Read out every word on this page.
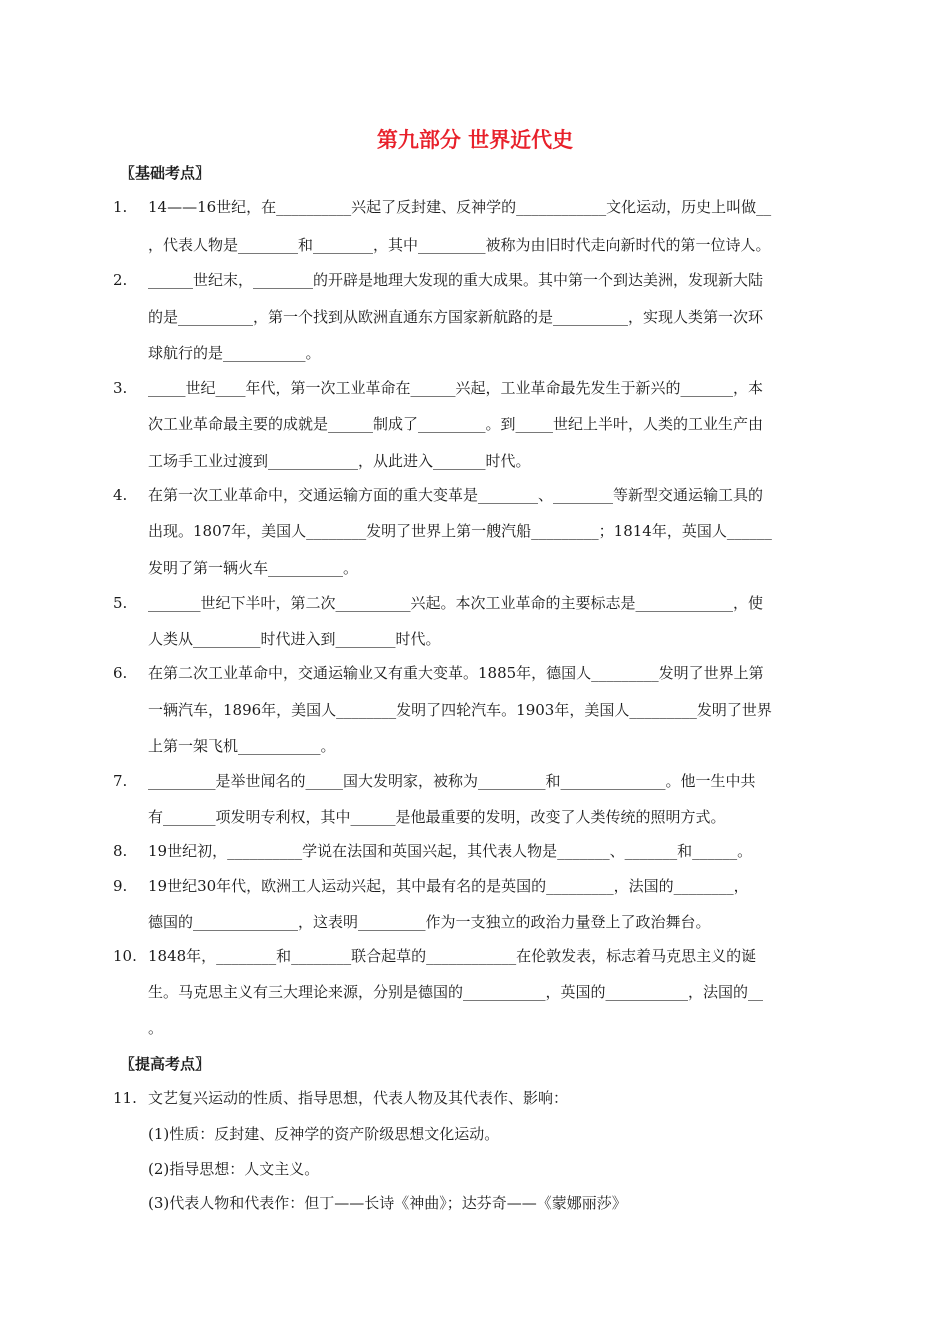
第九部分 世界近代史
〖基础考点〗
1. 14——16世纪，在__________兴起了反封建、反神学的____________文化运动，历史上叫做__
，代表人物是________和________，其中_________被称为由旧时代走向新时代的第一位诗人。
2. ______世纪末，________的开辟是地理大发现的重大成果。其中第一个到达美洲，发现新大陆
的是__________，第一个找到从欧洲直通东方国家新航路的是__________，实现人类第一次环
球航行的是___________。
3. _____世纪____年代，第一次工业革命在______兴起，工业革命最先发生于新兴的_______，本
次工业革命最主要的成就是______制成了_________。到_____世纪上半叶，人类的工业生产由
工场手工业过渡到____________，从此进入_______时代。
4. 在第一次工业革命中，交通运输方面的重大变革是________、________等新型交通运输工具的
出现。1807年，美国人________发明了世界上第一艘汽船_________；1814年，英国人______
发明了第一辆火车__________。
5. _______世纪下半叶，第二次__________兴起。本次工业革命的主要标志是_____________，使
人类从_________时代进入到________时代。
6. 在第二次工业革命中，交通运输业又有重大变革。1885年，德国人_________发明了世界上第
一辆汽车，1896年，美国人________发明了四轮汽车。1903年，美国人_________发明了世界
上第一架飞机___________。
7. _________是举世闻名的_____国大发明家，被称为_________和______________。他一生中共
有_______项发明专利权，其中______是他最重要的发明，改变了人类传统的照明方式。
8. 19世纪初，__________学说在法国和英国兴起，其代表人物是_______、_______和______。
9. 19世纪30年代，欧洲工人运动兴起，其中最有名的是英国的_________，法国的________，
德国的______________，这表明_________作为一支独立的政治力量登上了政治舞台。
10. 1848年，________和________联合起草的____________在伦敦发表，标志着马克思主义的诞
生。马克思主义有三大理论来源，分别是德国的___________，英国的___________，法国的__
。
〖提高考点〗
11. 文艺复兴运动的性质、指导思想，代表人物及其代表作、影响：
(1)性质：反封建、反神学的资产阶级思想文化运动。
(2)指导思想：人文主义。
(3)代表人物和代表作：但丁——长诗《神曲》；达芬奇——《蒙娜丽莎》
